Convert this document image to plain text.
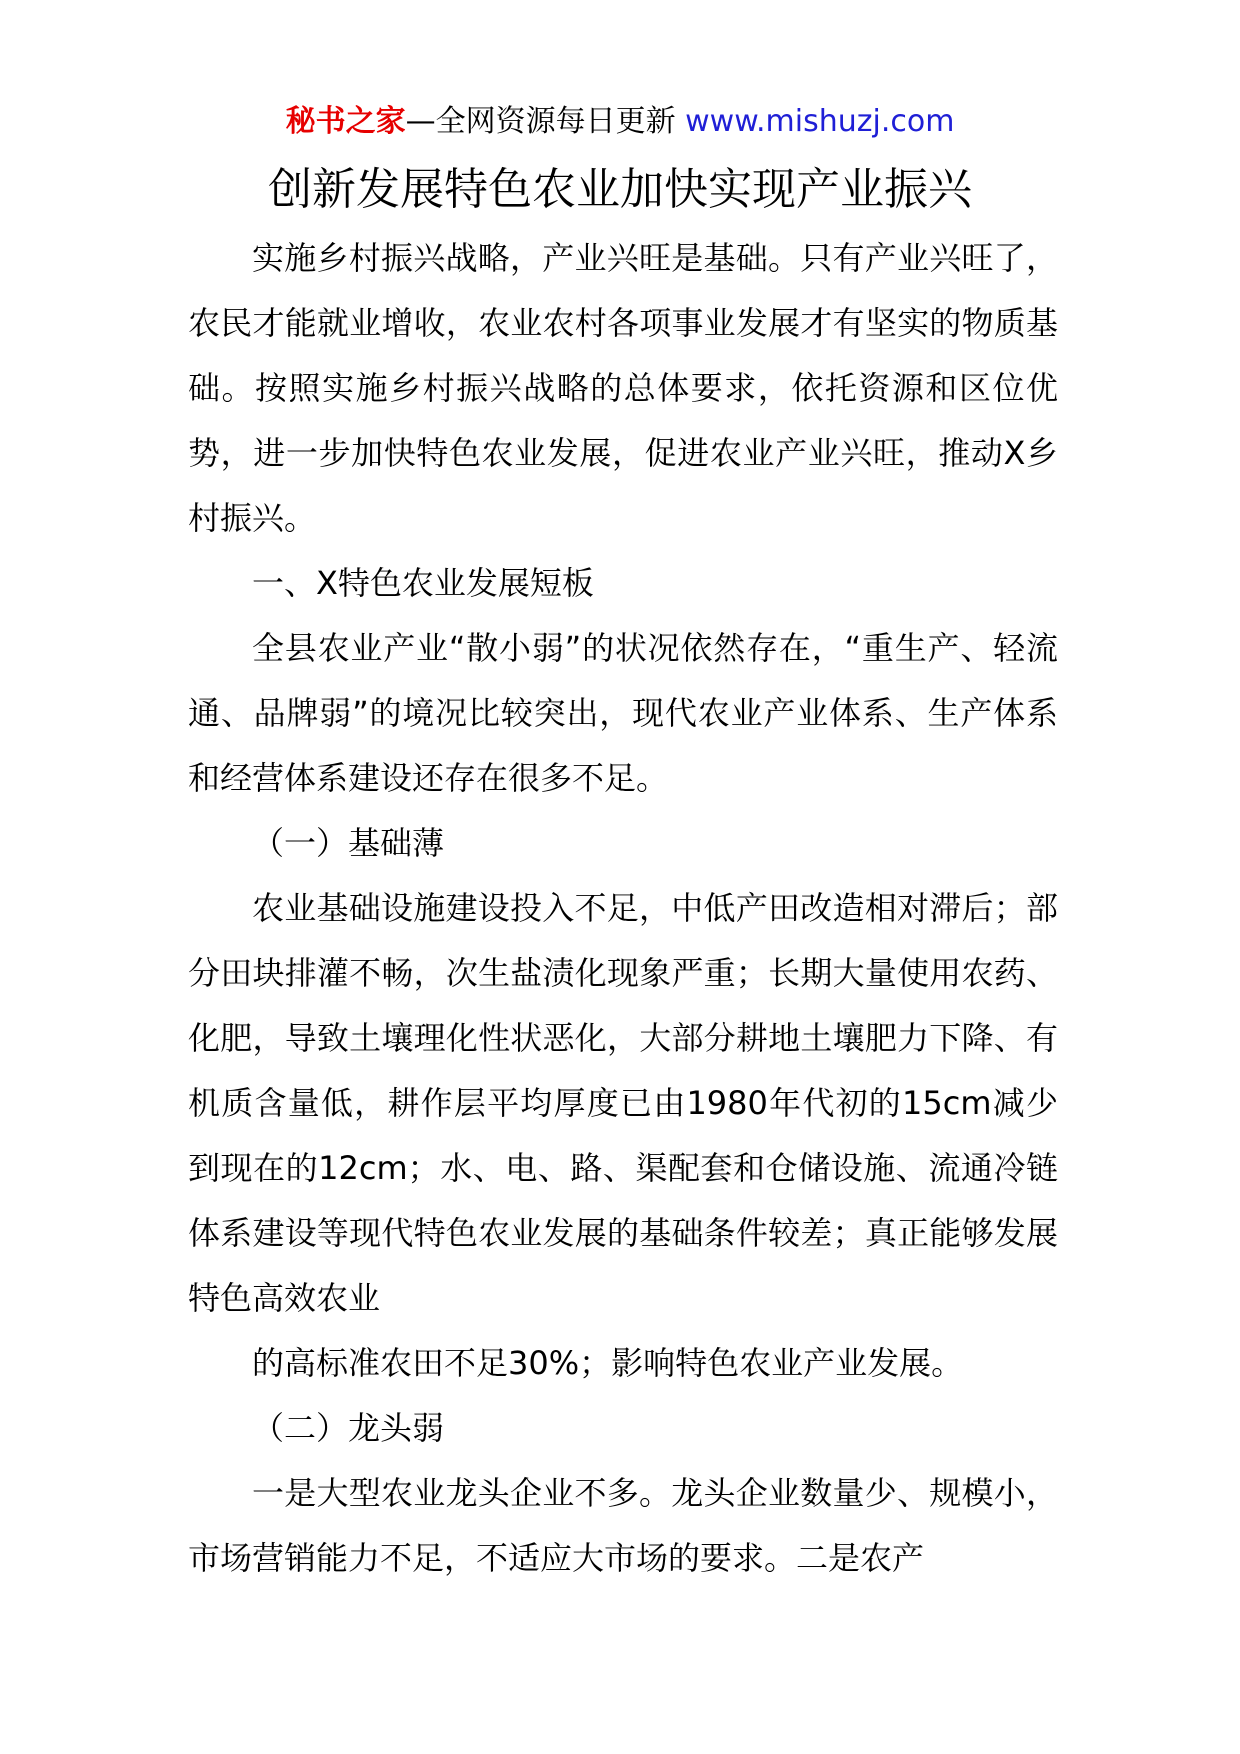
秘书之家—全网资源每日更新 www.mishuzj.com
创新发展特色农业加快实现产业振兴

实施乡村振兴战略，产业兴旺是基础。只有产业兴旺了，农民才能就业增收，农业农村各项事业发展才有坚实的物质基础。按照实施乡村振兴战略的总体要求，依托资源和区位优势，进一步加快特色农业发展，促进农业产业兴旺，推动X乡村振兴。

一、X特色农业发展短板

全县农业产业“散小弱”的状况依然存在，“重生产、轻流通、品牌弱”的境况比较突出，现代农业产业体系、生产体系和经营体系建设还存在很多不足。

（一）基础薄

农业基础设施建设投入不足，中低产田改造相对滞后；部分田块排灌不畅，次生盐渍化现象严重；长期大量使用农药、化肥，导致土壤理化性状恶化，大部分耕地土壤肥力下降、有机质含量低，耕作层平均厚度已由1980年代初的15cm减少到现在的12cm；水、电、路、渠配套和仓储设施、流通冷链体系建设等现代特色农业发展的基础条件较差；真正能够发展特色高效农业

的高标准农田不足30%；影响特色农业产业发展。

（二）龙头弱

一是大型农业龙头企业不多。龙头企业数量少、规模小，市场营销能力不足，不适应大市场的要求。二是农产
